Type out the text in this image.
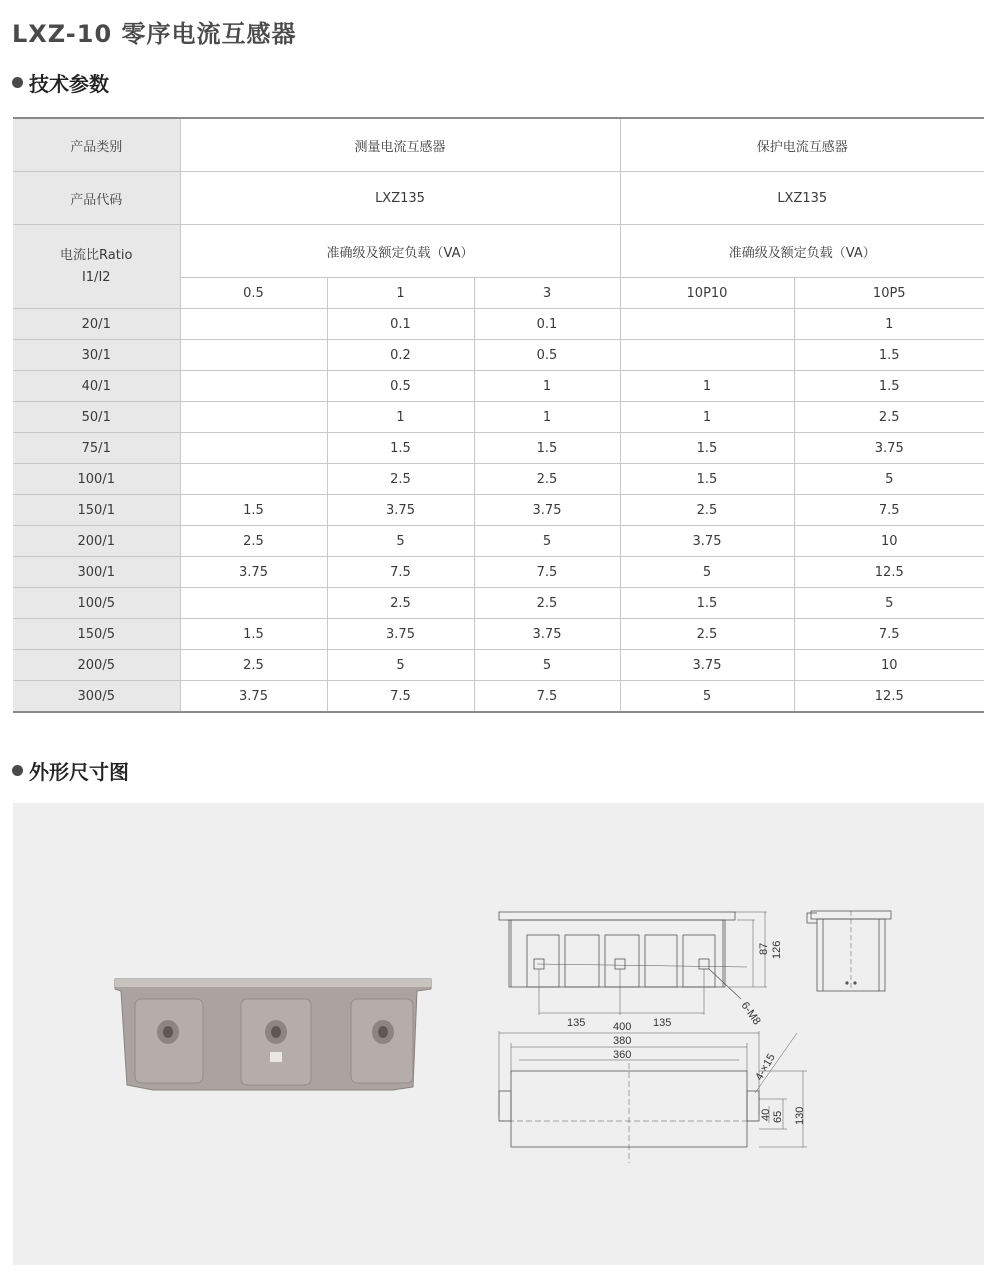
LXZ-10 零序电流互感器
技术参数
产品类别	测量电流互感器			保护电流互感器	
产品代码	LXZ135			LXZ135	
电流比Ratio
I1/I2	准确级及额定负载（VA）			准确级及额定负载（VA）	
	0.5	1	3	10P10	10P5
20/1		0.1	0.1		1
30/1		0.2	0.5		1.5
40/1		0.5	1	1	1.5
50/1		1	1	1	2.5
75/1		1.5	1.5	1.5	3.75
100/1		2.5	2.5	1.5	5
150/1	1.5	3.75	3.75	2.5	7.5
200/1	2.5	5	5	3.75	10
300/1	3.75	7.5	7.5	5	12.5
100/5		2.5	2.5	1.5	5
150/5	1.5	3.75	3.75	2.5	7.5
200/5	2.5	5	5	3.75	10
300/5	3.75	7.5	7.5	5	12.5
外形尺寸图
87 126
135	135	6-M8
400
380
360	4-×15
40 65 130
